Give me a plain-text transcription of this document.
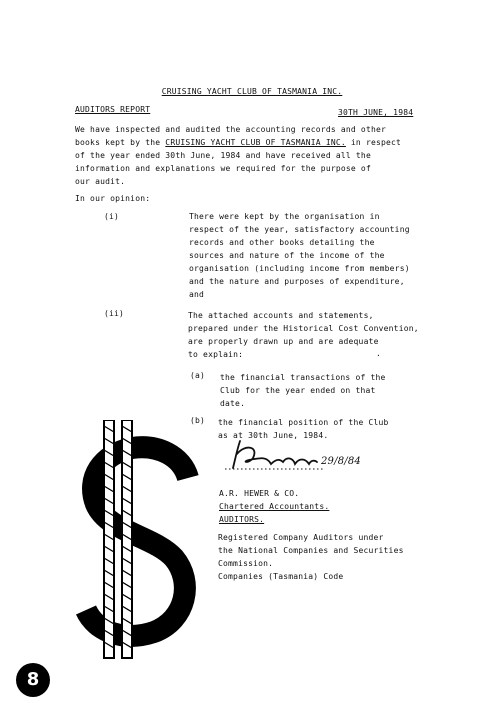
CRUISING YACHT CLUB OF TASMANIA INC.
AUDITORS REPORT	30TH JUNE, 1984
We have inspected and audited the accounting records and other
books kept by the CRUISING YACHT CLUB OF TASMANIA INC. in respect
of the year ended 30th June, 1984 and have received all the
information and explanations we required for the purpose of
our audit.
In our opinion:
(i)	There were kept by the organisation in
respect of the year, satisfactory accounting
records and other books detailing the
sources and nature of the income of the
organisation (including income from members)
and the nature and purposes of expenditure,
and
(ii)	The attached accounts and statements,
prepared under the Historical Cost Convention,
are properly drawn up and are adequate
to explain:	.
(a) the financial transactions of the
Club for the year ended on that
date.
(b) the financial position of the Club
as at 30th June, 1984.
29/8/84
A.R. HEWER & CO.
Chartered Accountants.
AUDITORS.
Registered Company Auditors under
the National Companies and Securities
Commission.
Companies (Tasmania) Code
8
